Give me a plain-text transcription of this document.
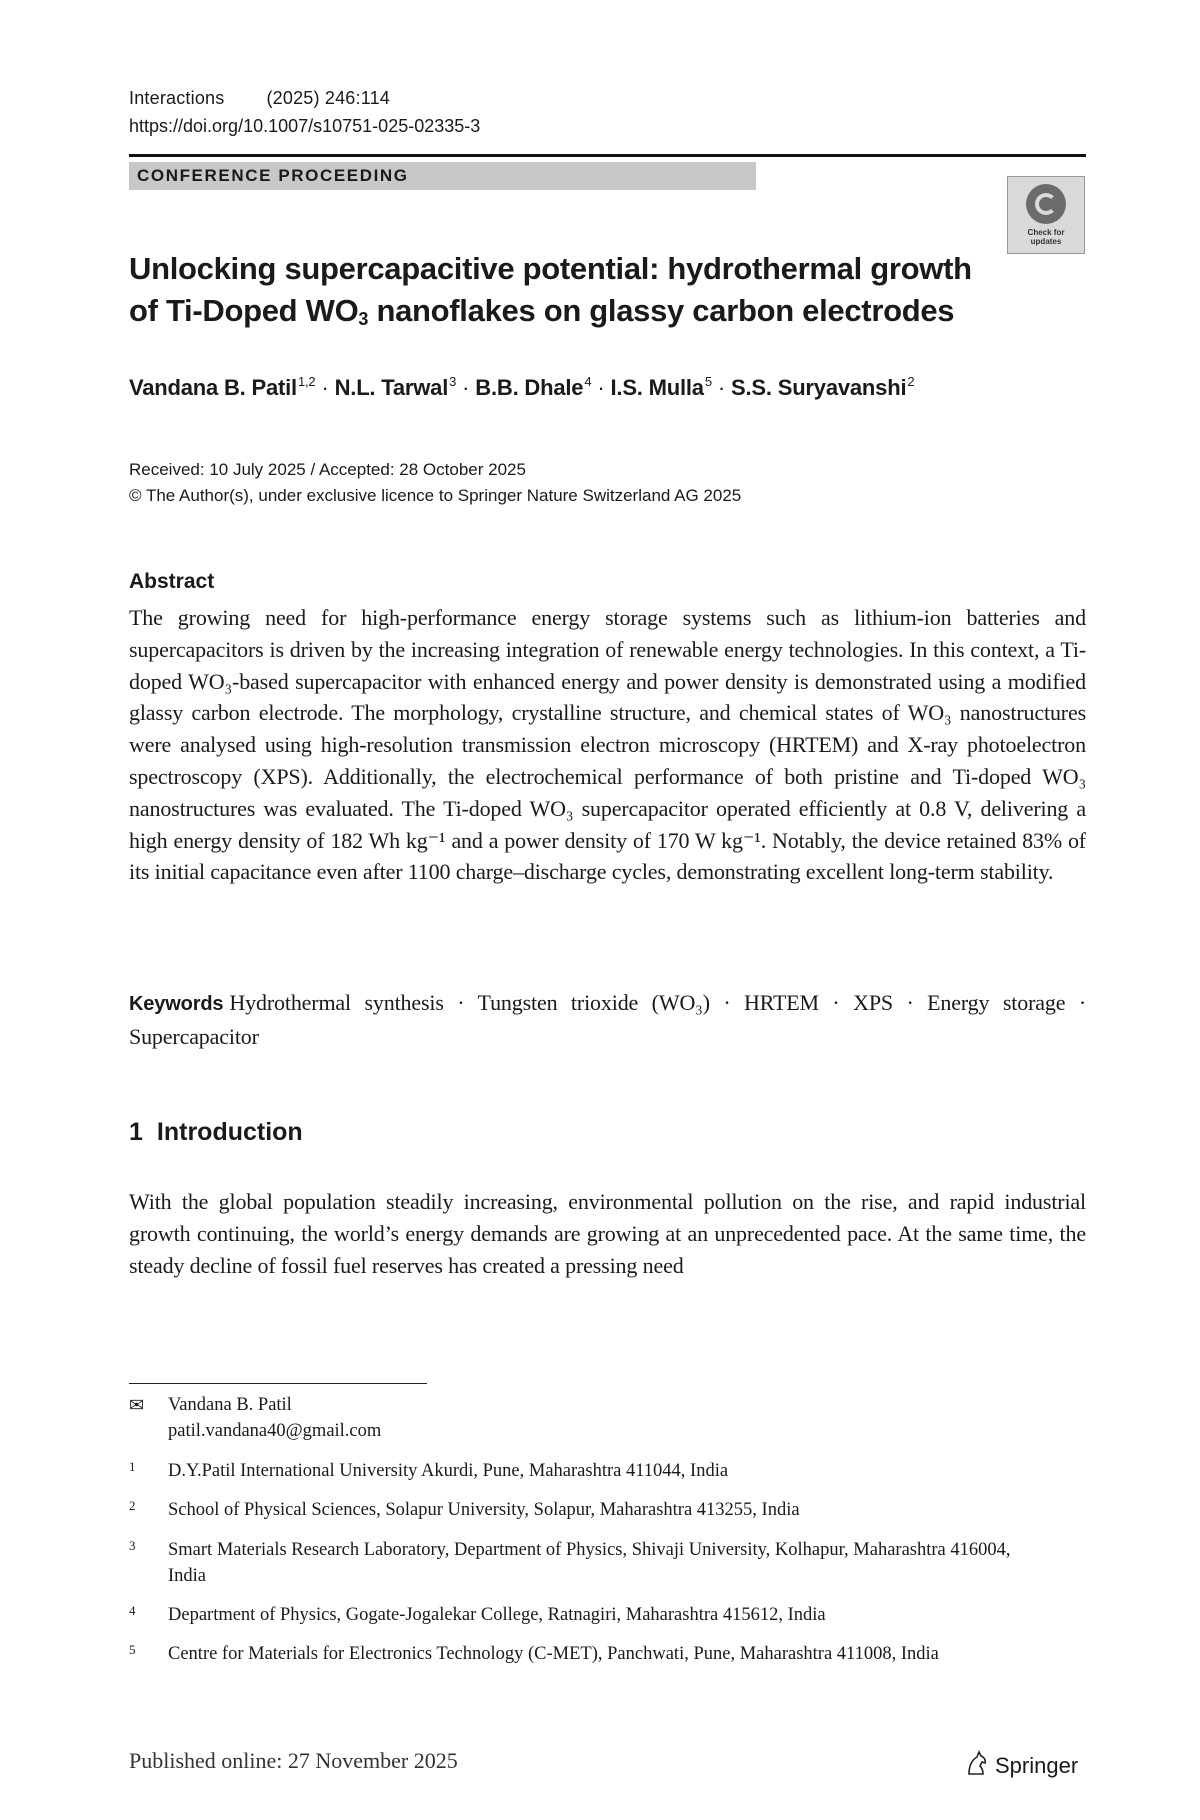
Interactions (2025) 246:114
https://doi.org/10.1007/s10751-025-02335-3
CONFERENCE PROCEEDING
Check for
updates
Unlocking supercapacitive potential: hydrothermal growth
of Ti-Doped $WO_3$ nanoflakes on glassy carbon electrodes
Vandana B. Patil$^{1,2}$ · N.L. Tarwal$^3$ · B.B. Dhale$^4$ · I.S. Mulla$^5$ · S.S. Suryavanshi$^2$
Received: 10 July 2025 / Accepted: 28 October 2025
© The Author(s), under exclusive licence to Springer Nature Switzerland AG 2025
Abstract
The growing need for high-performance energy storage systems such as lithium-ion batteries and supercapacitors is driven by the increasing integration of renewable energy technologies. In this context, a Ti-doped WO₃-based supercapacitor with enhanced energy and power density is demonstrated using a modified glassy carbon electrode. The morphology, crystalline structure, and chemical states of WO₃ nanostructures were analysed using high-resolution transmission electron microscopy (HRTEM) and X-ray photoelectron spectroscopy (XPS). Additionally, the electrochemical performance of both pristine and Ti-doped WO₃ nanostructures was evaluated. The Ti-doped WO₃ supercapacitor operated efficiently at 0.8 V, delivering a high energy density of 182 Wh kg⁻¹ and a power density of 170 W kg⁻¹. Notably, the device retained 83% of its initial capacitance even after 1100 charge–discharge cycles, demonstrating excellent long-term stability.
Keywords Hydrothermal synthesis · Tungsten trioxide (WO₃) · HRTEM · XPS · Energy storage · Supercapacitor
1 Introduction
With the global population steadily increasing, environmental pollution on the rise, and rapid industrial growth continuing, the world’s energy demands are growing at an unprecedented pace. At the same time, the steady decline of fossil fuel reserves has created a pressing need
✉ Vandana B. Patil
patil.vandana40@gmail.com
1	D.Y.Patil International University Akurdi, Pune, Maharashtra 411044, India
2	School of Physical Sciences, Solapur University, Solapur, Maharashtra 413255, India
3	Smart Materials Research Laboratory, Department of Physics, Shivaji University, Kolhapur, Maharashtra 416004, India
4	Department of Physics, Gogate-Jogalekar College, Ratnagiri, Maharashtra 415612, India
5	Centre for Materials for Electronics Technology (C-MET), Panchwati, Pune, Maharashtra 411008, India
Published online: 27 November 2025	Springer
